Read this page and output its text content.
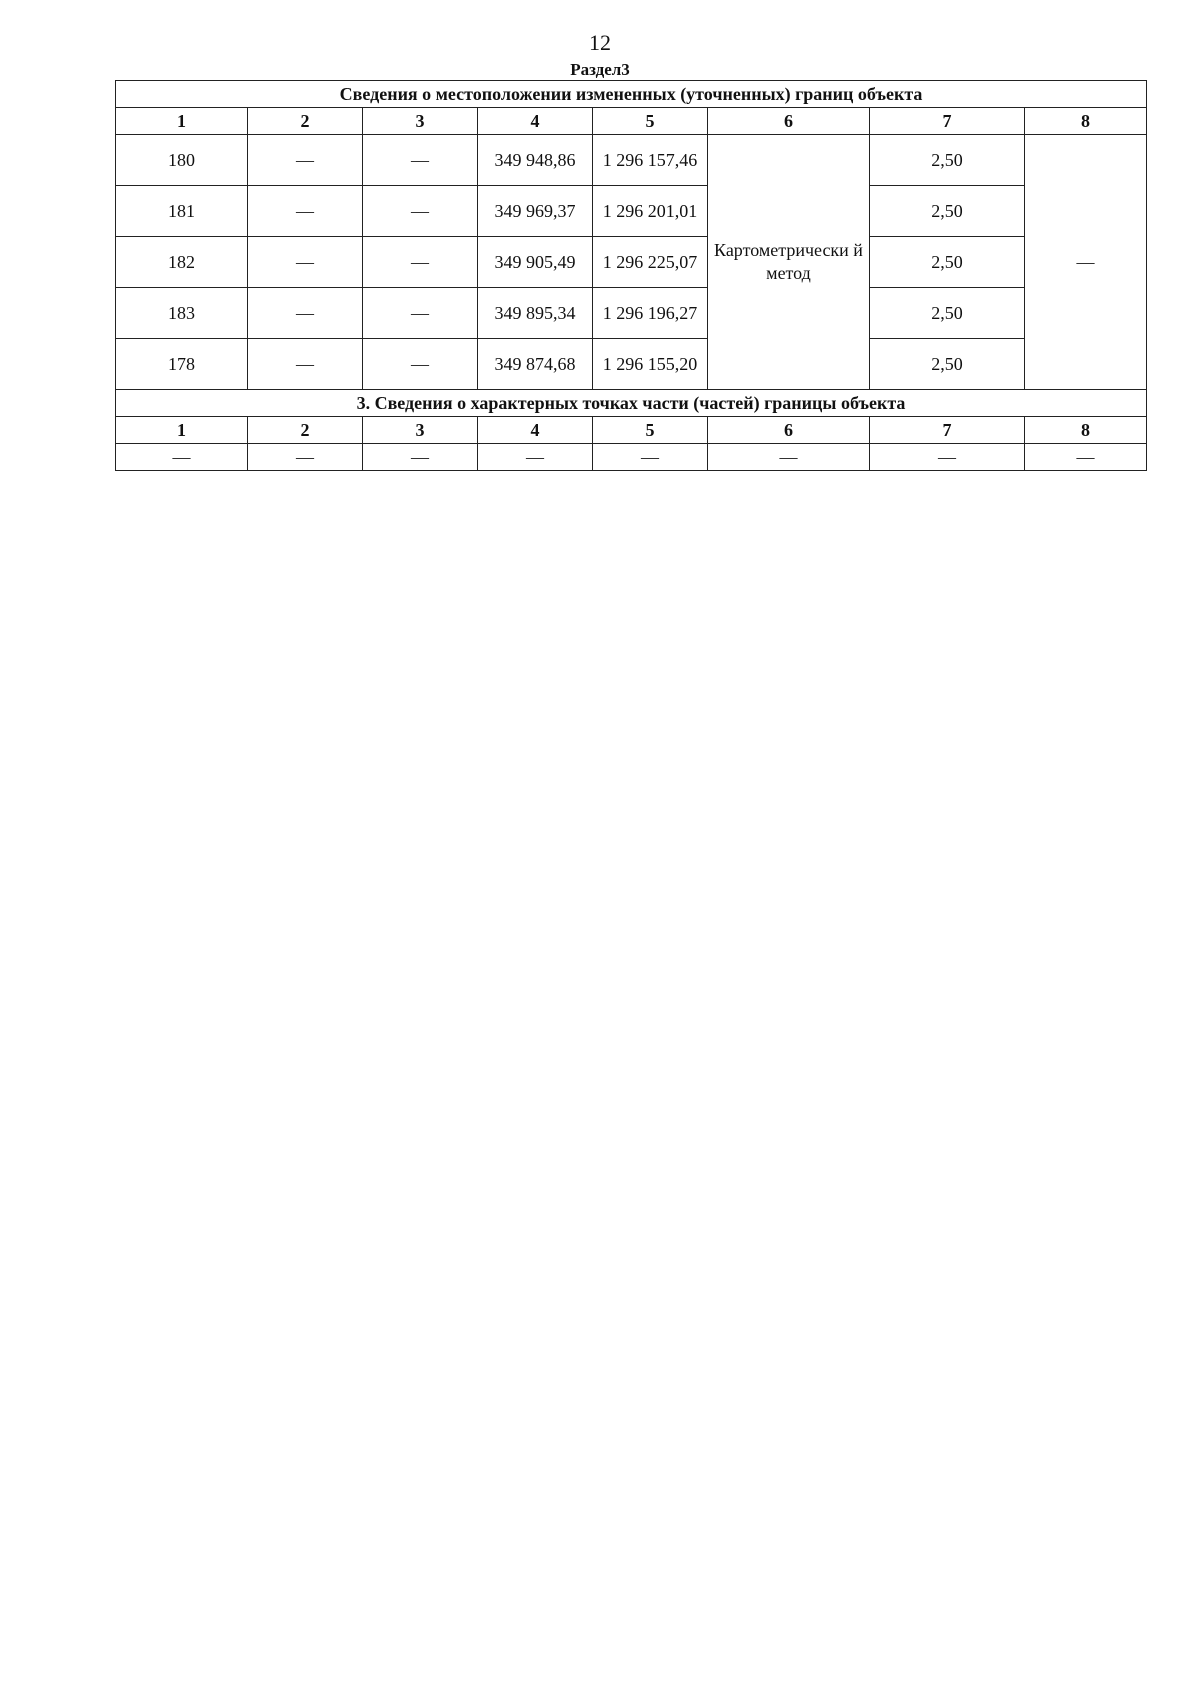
12
Раздел3
Сведения о местоположении измененных (уточненных) границ объекта							
1	2	3	4	5	6	7	8
180	—	—	349 948,86	1 296 157,46	Картометрически й метод	2,50	—
181	—	—	349 969,37	1 296 201,01		2,50	
182	—	—	349 905,49	1 296 225,07		2,50	
183	—	—	349 895,34	1 296 196,27		2,50	
178	—	—	349 874,68	1 296 155,20		2,50	
3. Сведения о характерных точках части (частей) границы объекта							
1	2	3	4	5	6	7	8
—	—	—	—	—	—	—	—
